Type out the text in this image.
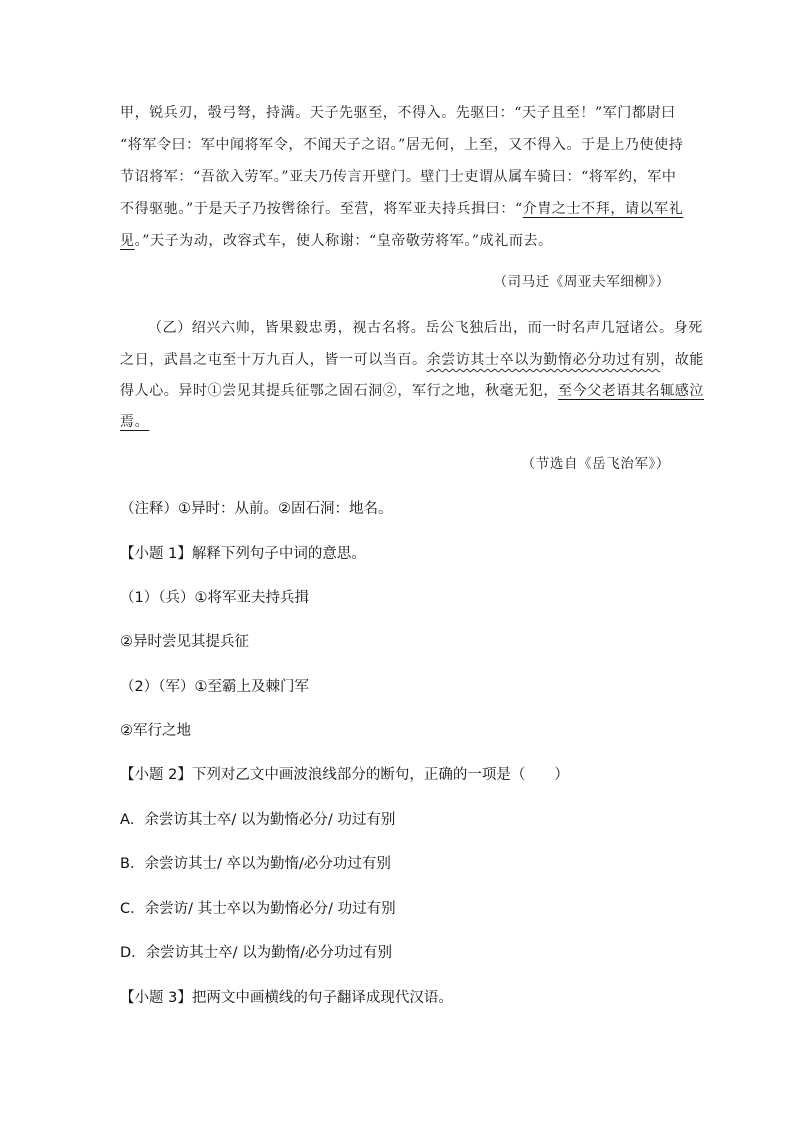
甲，锐兵刃，彀弓弩，持满。天子先驱至，不得入。先驱曰：“天子且至！”军门都尉曰
“将军令曰：军中闻将军令，不闻天子之诏。”居无何，上至，又不得入。于是上乃使使持
节诏将军：“吾欲入劳军。”亚夫乃传言开壁门。壁门士吏谓从属车骑曰：“将军约，军中
不得驱驰。”于是天子乃按辔徐行。至营，将军亚夫持兵揖曰：“介胄之士不拜，请以军礼
见。”天子为动，改容式车，使人称谢：“皇帝敬劳将军。”成礼而去。
（司马迁《周亚夫军细柳》）
（乙）绍兴六帅，皆果毅忠勇，视古名将。岳公飞独后出，而一时名声几冠诸公。身死
之日，武昌之屯至十万九百人，皆一可以当百。余尝访其士卒以为勤惰必分功过有别，故能
得人心。异时①尝见其提兵征鄂之固石洞②，军行之地，秋毫无犯，至今父老语其名辄感泣
焉。
（节选自《岳飞治军》）
（注释）①异时：从前。②固石洞：地名。
【小题 1】解释下列句子中词的意思。
（1）（兵）①将军亚夫持兵揖
②异时尝见其提兵征
（2）（军）①至霸上及棘门军
②军行之地
【小题 2】下列对乙文中画波浪线部分的断句，正确的一项是（　　）
A．余尝访其士卒/ 以为勤惰必分/ 功过有别
B．余尝访其士/ 卒以为勤惰/必分功过有别
C．余尝访/ 其士卒以为勤惰必分/ 功过有别
D．余尝访其士卒/ 以为勤惰/必分功过有别
【小题 3】把两文中画横线的句子翻译成现代汉语。
